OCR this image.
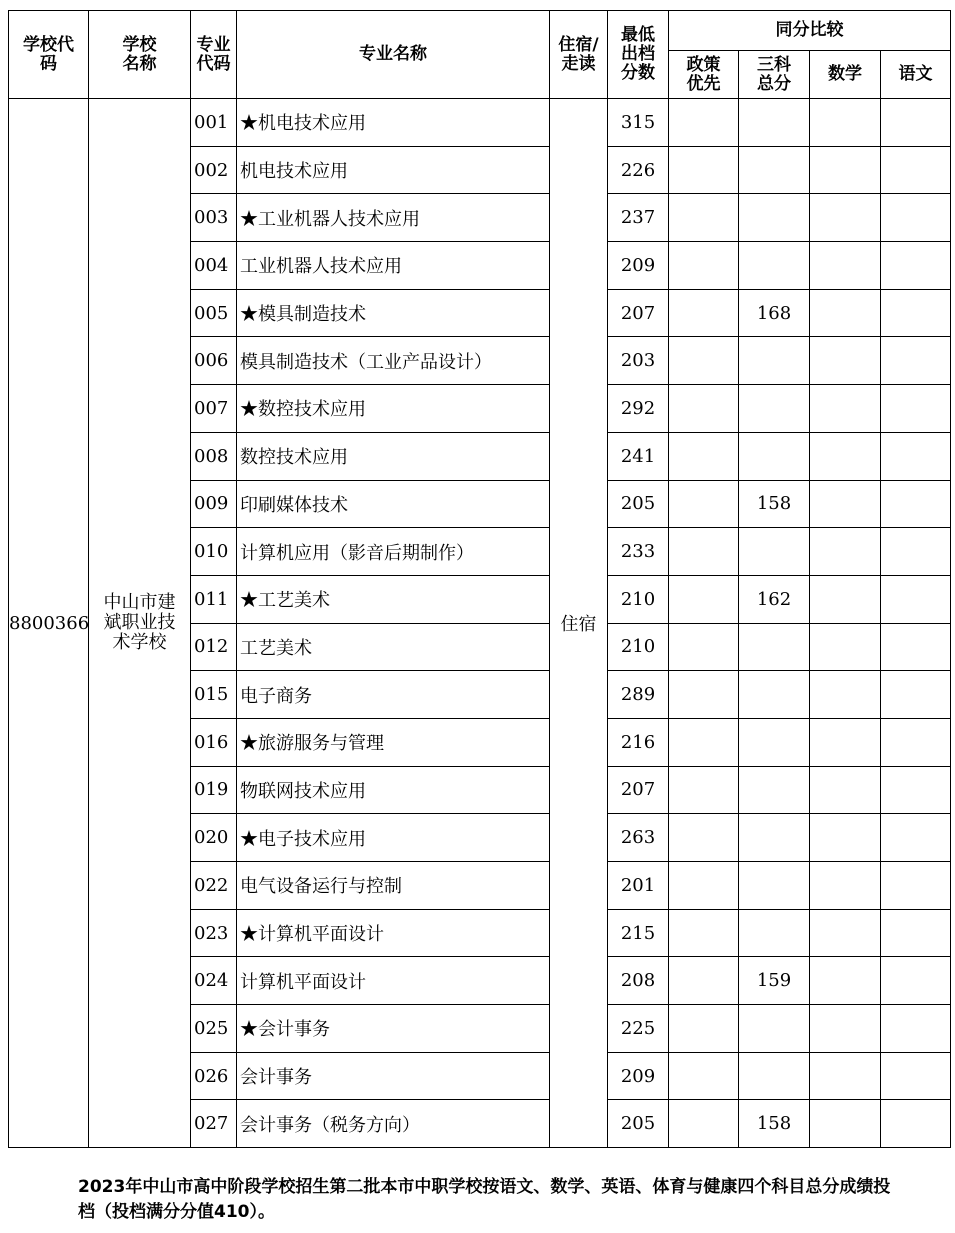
学校代码	学校名称	专业代码	专业名称	住宿/走读	最低出档分数	同分比较			
						政策优先	三科总分	数学	语文
8800366	中山市建斌职业技术学校	001	★机电技术应用	住宿	315				
		002	机电技术应用		226				
		003	★工业机器人技术应用		237				
		004	工业机器人技术应用		209				
		005	★模具制造技术		207		168		
		006	模具制造技术（工业产品设计）		203				
		007	★数控技术应用		292				
		008	数控技术应用		241				
		009	印刷媒体技术		205		158		
		010	计算机应用（影音后期制作）		233				
		011	★工艺美术		210		162		
		012	工艺美术		210				
		015	电子商务		289				
		016	★旅游服务与管理		216				
		019	物联网技术应用		207				
		020	★电子技术应用		263				
		022	电气设备运行与控制		201				
		023	★计算机平面设计		215				
		024	计算机平面设计		208		159		
		025	★会计事务		225				
		026	会计事务		209				
		027	会计事务（税务方向）		205		158		
2023年中山市高中阶段学校招生第二批本市中职学校按语文、数学、英语、体育与健康四个科目总分成绩投档（投档满分分值410）。
